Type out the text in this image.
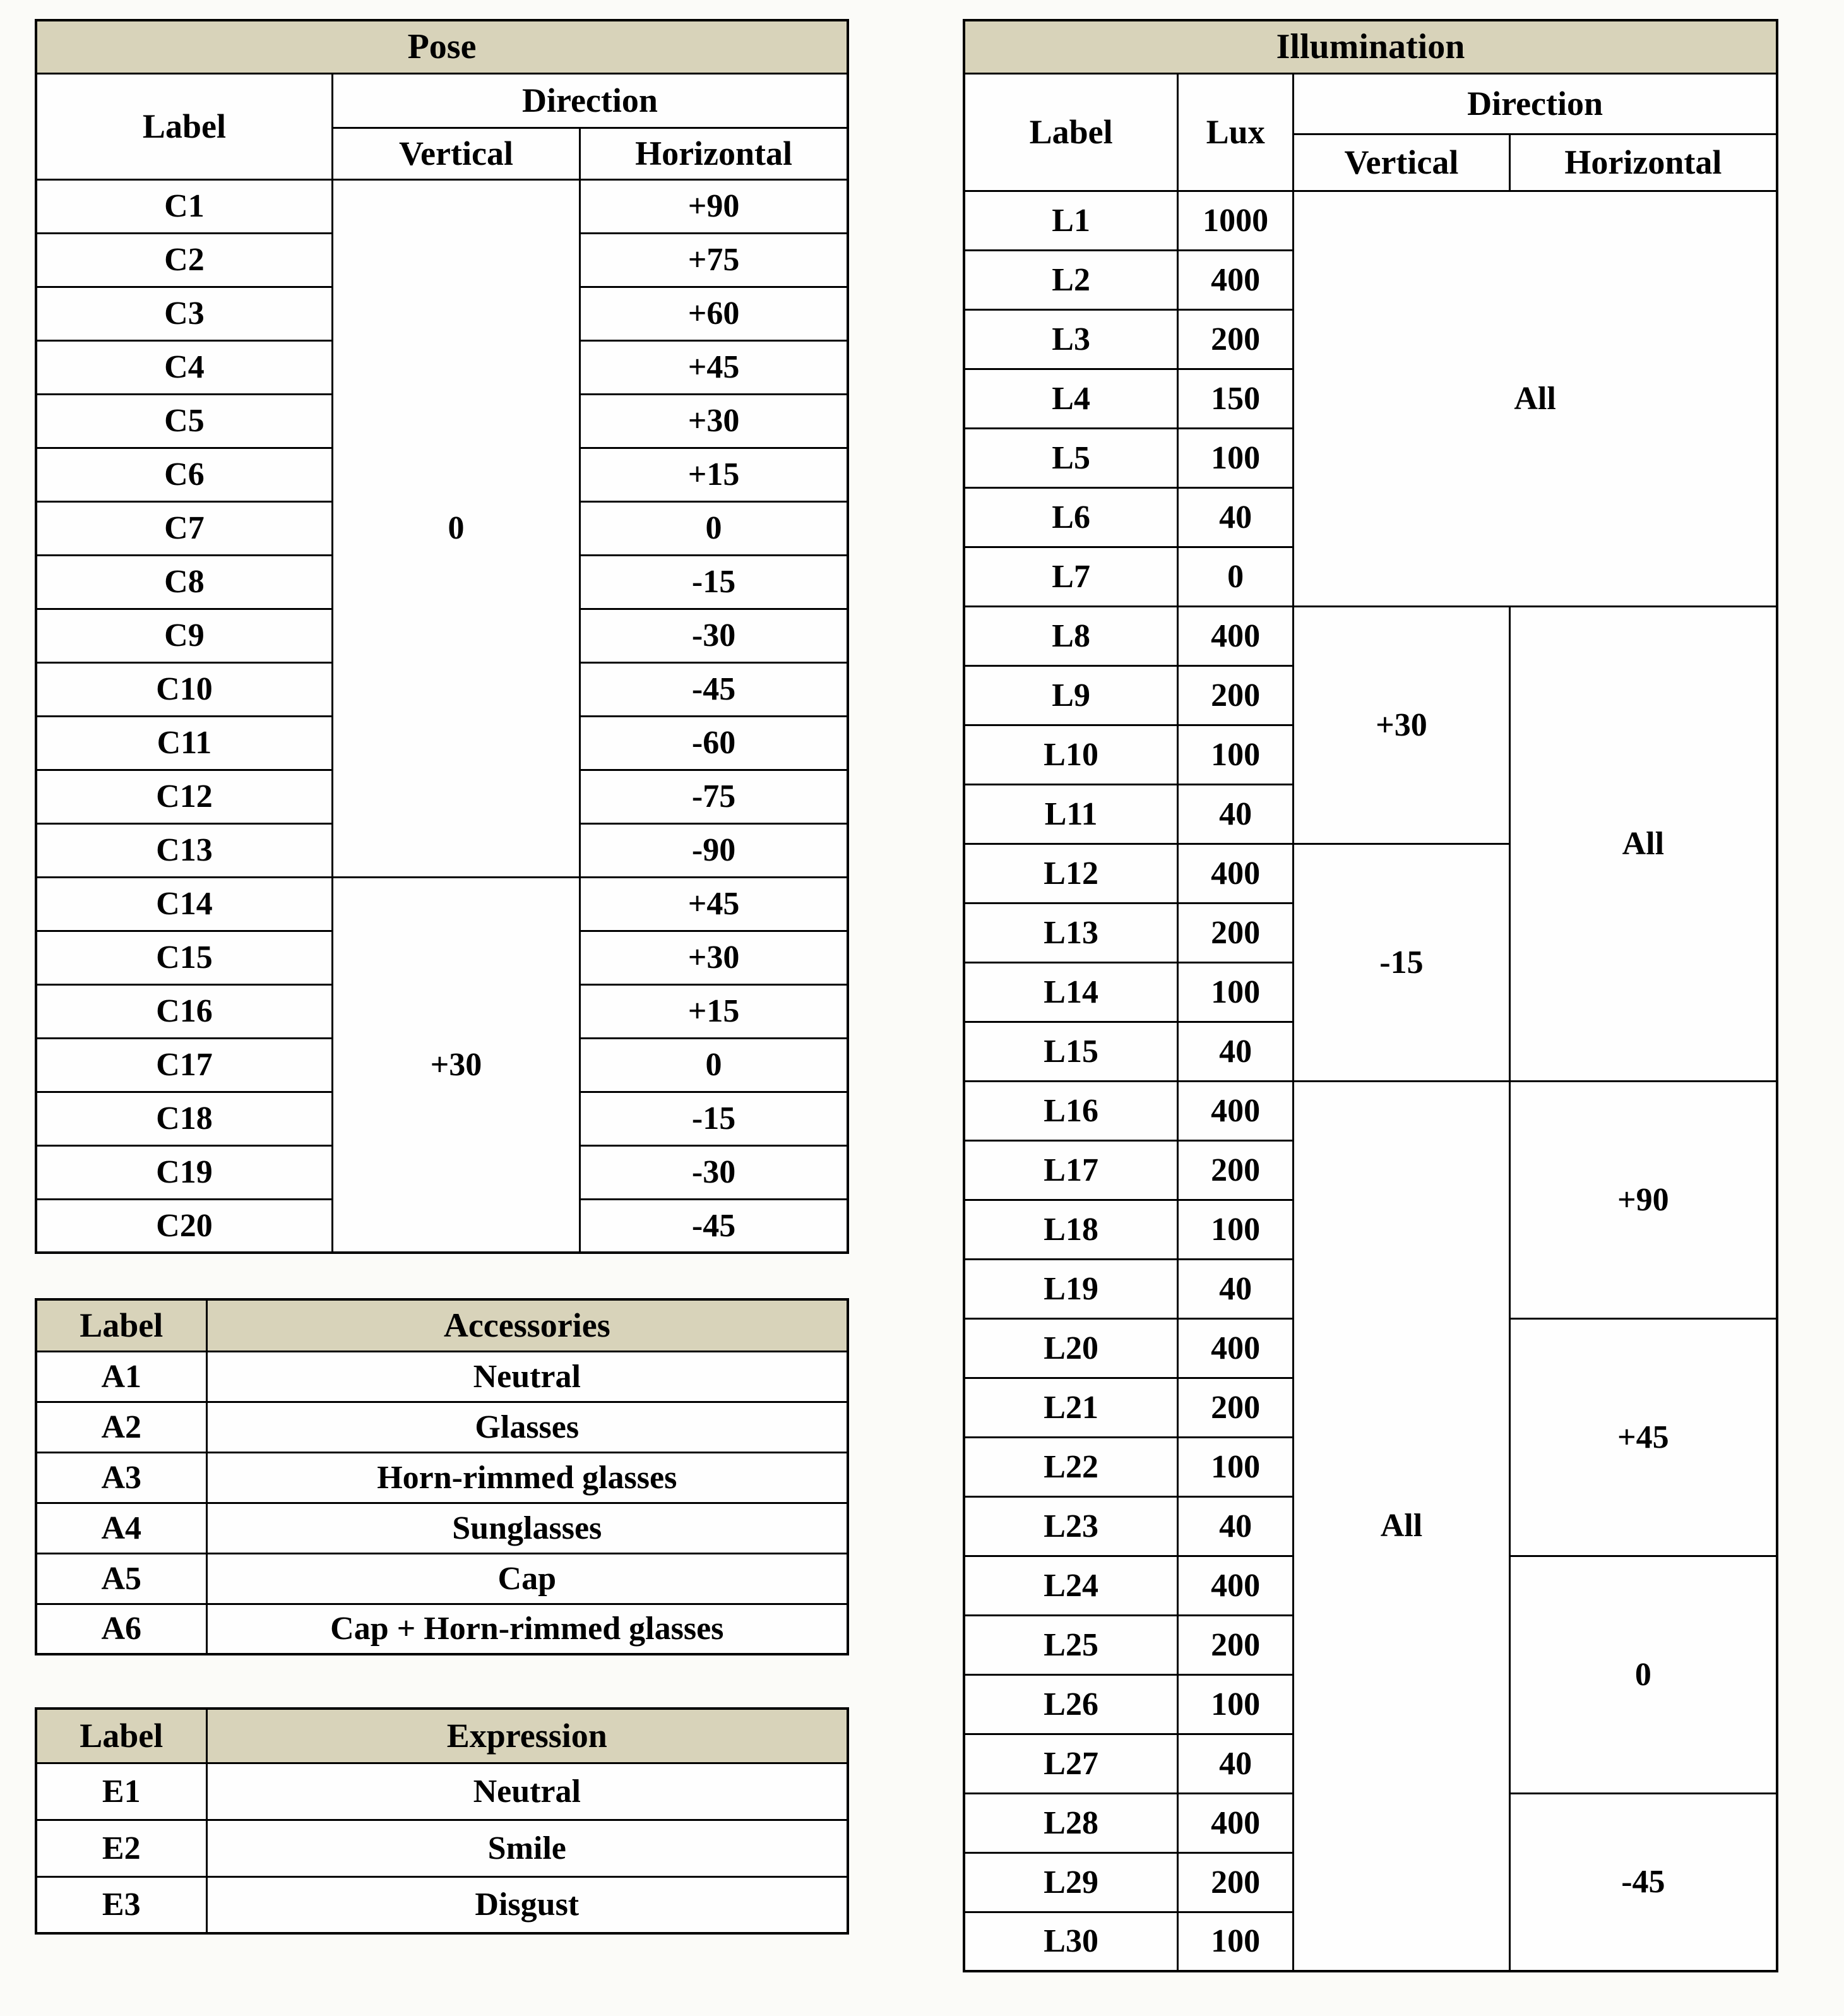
Pose		
Label	Direction	
	Vertical	Horizontal
C1	0	+90
C2		+75
C3		+60
C4		+45
C5		+30
C6		+15
C7		0
C8		-15
C9		-30
C10		-45
C11		-60
C12		-75
C13		-90
C14	+30	+45
C15		+30
C16		+15
C17		0
C18		-15
C19		-30
C20		-45
Label	Accessories
A1	Neutral
A2	Glasses
A3	Horn-rimmed glasses
A4	Sunglasses
A5	Cap
A6	Cap + Horn-rimmed glasses
Label	Expression
E1	Neutral
E2	Smile
E3	Disgust
Illumination			
Label	Lux	Direction	
		Vertical	Horizontal
L1	1000	All	
L2	400		
L3	200		
L4	150		
L5	100		
L6	40		
L7	0		
L8	400	+30	All
L9	200		
L10	100		
L11	40		
L12	400	-15	
L13	200		
L14	100		
L15	40		
L16	400	All	+90
L17	200		
L18	100		
L19	40		
L20	400		+45
L21	200		
L22	100		
L23	40		
L24	400		0
L25	200		
L26	100		
L27	40		
L28	400		-45
L29	200		
L30	100		
